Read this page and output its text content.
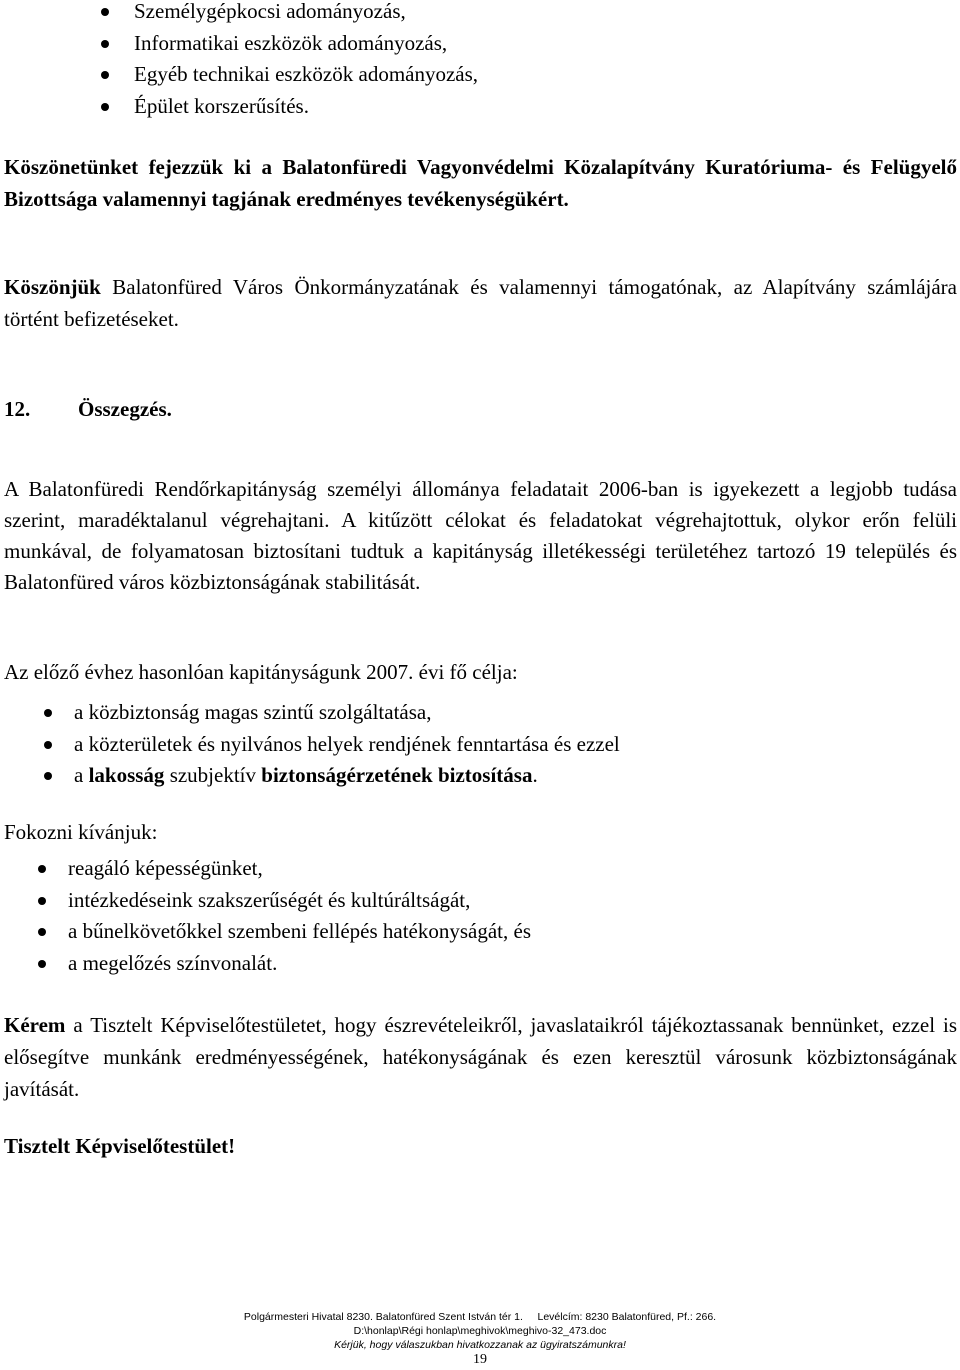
Személygépkocsi adományozás,
Informatikai eszközök adományozás,
Egyéb technikai eszközök adományozás,
Épület korszerűsítés.

Köszönetünket fejezzük ki a Balatonfüredi Vagyonvédelmi Közalapítvány Kuratóriuma- és Felügyelő Bizottsága valamennyi tagjának eredményes tevékenységükért.

Köszönjük Balatonfüred Város Önkormányzatának és valamennyi támogatónak, az Alapítvány számlájára történt befizetéseket.

12. Összegzés.

A Balatonfüredi Rendőrkapitányság személyi állománya feladatait 2006-ban is igyekezett a legjobb tudása szerint, maradéktalanul végrehajtani. A kitűzött célokat és feladatokat végrehajtottuk, olykor erőn felüli munkával, de folyamatosan biztosítani tudtuk a kapitányság illetékességi területéhez tartozó 19 település és Balatonfüred város közbiztonságának stabilitását.

Az előző évhez hasonlóan kapitányságunk 2007. évi fő célja:

a közbiztonság magas szintű szolgáltatása,
a közterületek és nyilvános helyek rendjének fenntartása és ezzel
a lakosság szubjektív biztonságérzetének biztosítása.

Fokozni kívánjuk:

reagáló képességünket,
intézkedéseink szakszerűségét és kultúráltságát,
a bűnelkövetőkkel szembeni fellépés hatékonyságát, és
a megelőzés színvonalát.

Kérem a Tisztelt Képviselőtestületet, hogy észrevételeikről, javaslataikról tájékoztassanak bennünket, ezzel is elősegítve munkánk eredményességének, hatékonyságának és ezen keresztül városunk közbiztonságának javítását.

Tisztelt Képviselőtestület!

Polgármesteri Hivatal 8230. Balatonfüred Szent István tér 1.     Levélcím: 8230 Balatonfüred, Pf.: 266.
D:\honlap\Régi honlap\meghivok\meghivo-32_473.doc
Kérjük, hogy válaszukban hivatkozzanak az ügyiratszámunkra!
19
